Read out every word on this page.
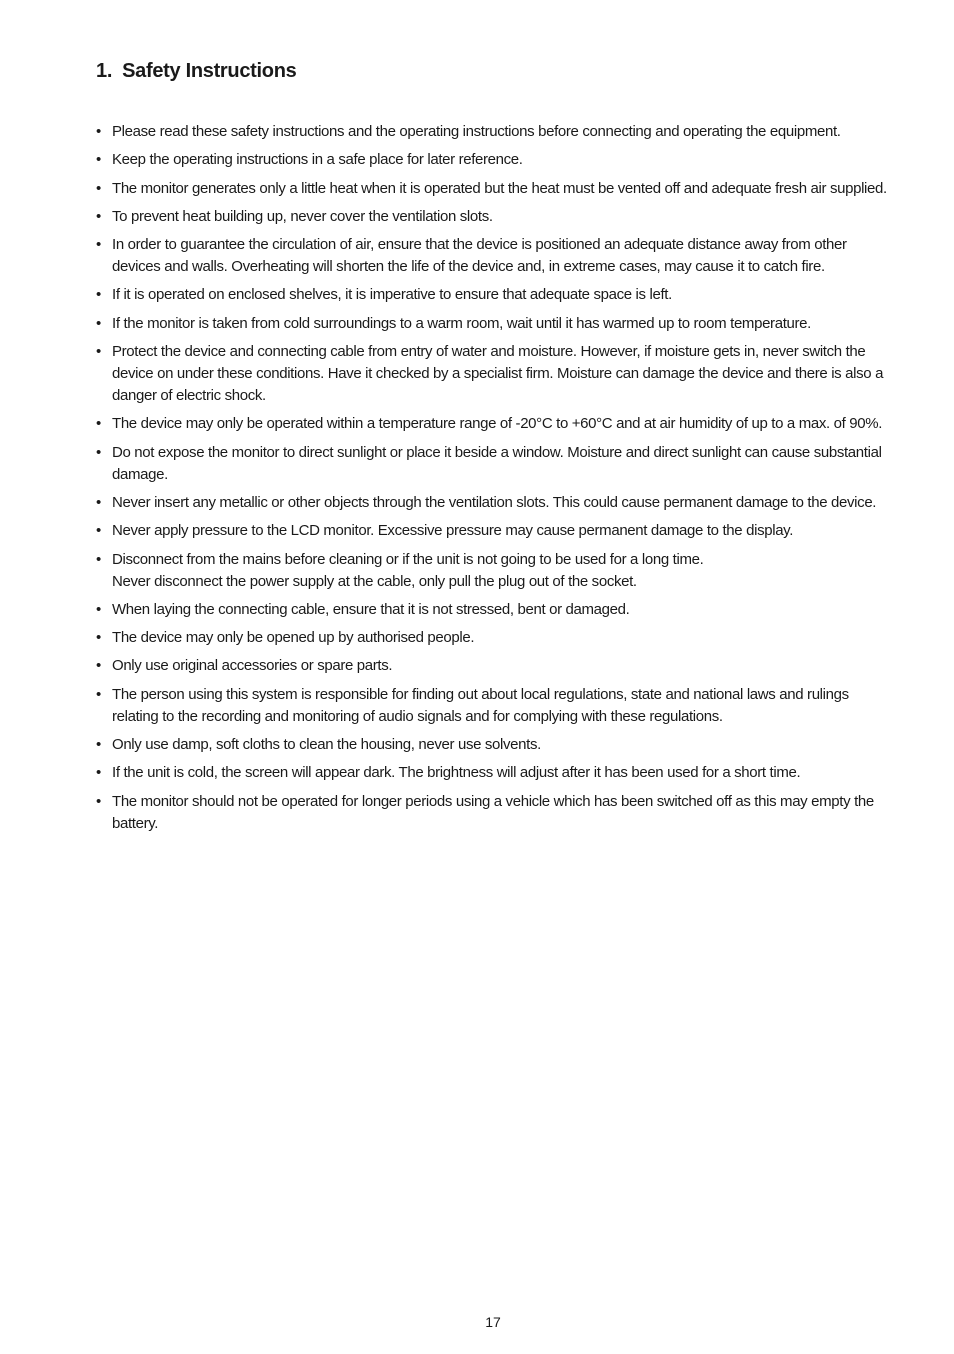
1. Safety Instructions
• Please read these safety instructions and the operating instructions before connecting and operating the equipment.
• Keep the operating instructions in a safe place for later reference.
• The monitor generates only a little heat when it is operated but the heat must be vented off and adequate fresh air supplied.
• To prevent heat building up, never cover the ventilation slots.
• In order to guarantee the circulation of air, ensure that the device is positioned an adequate distance away from other devices and walls. Overheating will shorten the life of the device and, in extreme cases, may cause it to catch fire.
• If it is operated on enclosed shelves, it is imperative to ensure that adequate space is left.
• If the monitor is taken from cold surroundings to a warm room, wait until it has warmed up to room temperature.
• Protect the device and connecting cable from entry of water and moisture. However, if moisture gets in, never switch the device on under these conditions. Have it checked by a specialist firm. Moisture can damage the device and there is also a danger of electric shock.
• The device may only be operated within a temperature range of -20°C to +60°C and at air humidity of up to a max. of 90%.
• Do not expose the monitor to direct sunlight or place it beside a window. Moisture and direct sunlight can cause substantial damage.
• Never insert any metallic or other objects through the ventilation slots. This could cause permanent damage to the device.
• Never apply pressure to the LCD monitor. Excessive pressure may cause permanent damage to the display.
• Disconnect from the mains before cleaning or if the unit is not going to be used for a long time.
Never disconnect the power supply at the cable, only pull the plug out of the socket.
• When laying the connecting cable, ensure that it is not stressed, bent or damaged.
• The device may only be opened up by authorised people.
• Only use original accessories or spare parts.
• The person using this system is responsible for finding out about local regulations, state and national laws and rulings relating to the recording and monitoring of audio signals and for complying with these regulations.
• Only use damp, soft cloths to clean the housing, never use solvents.
• If the unit is cold, the screen will appear dark. The brightness will adjust after it has been used for a short time.
• The monitor should not be operated for longer periods using a vehicle which has been switched off as this may empty the battery.
17
